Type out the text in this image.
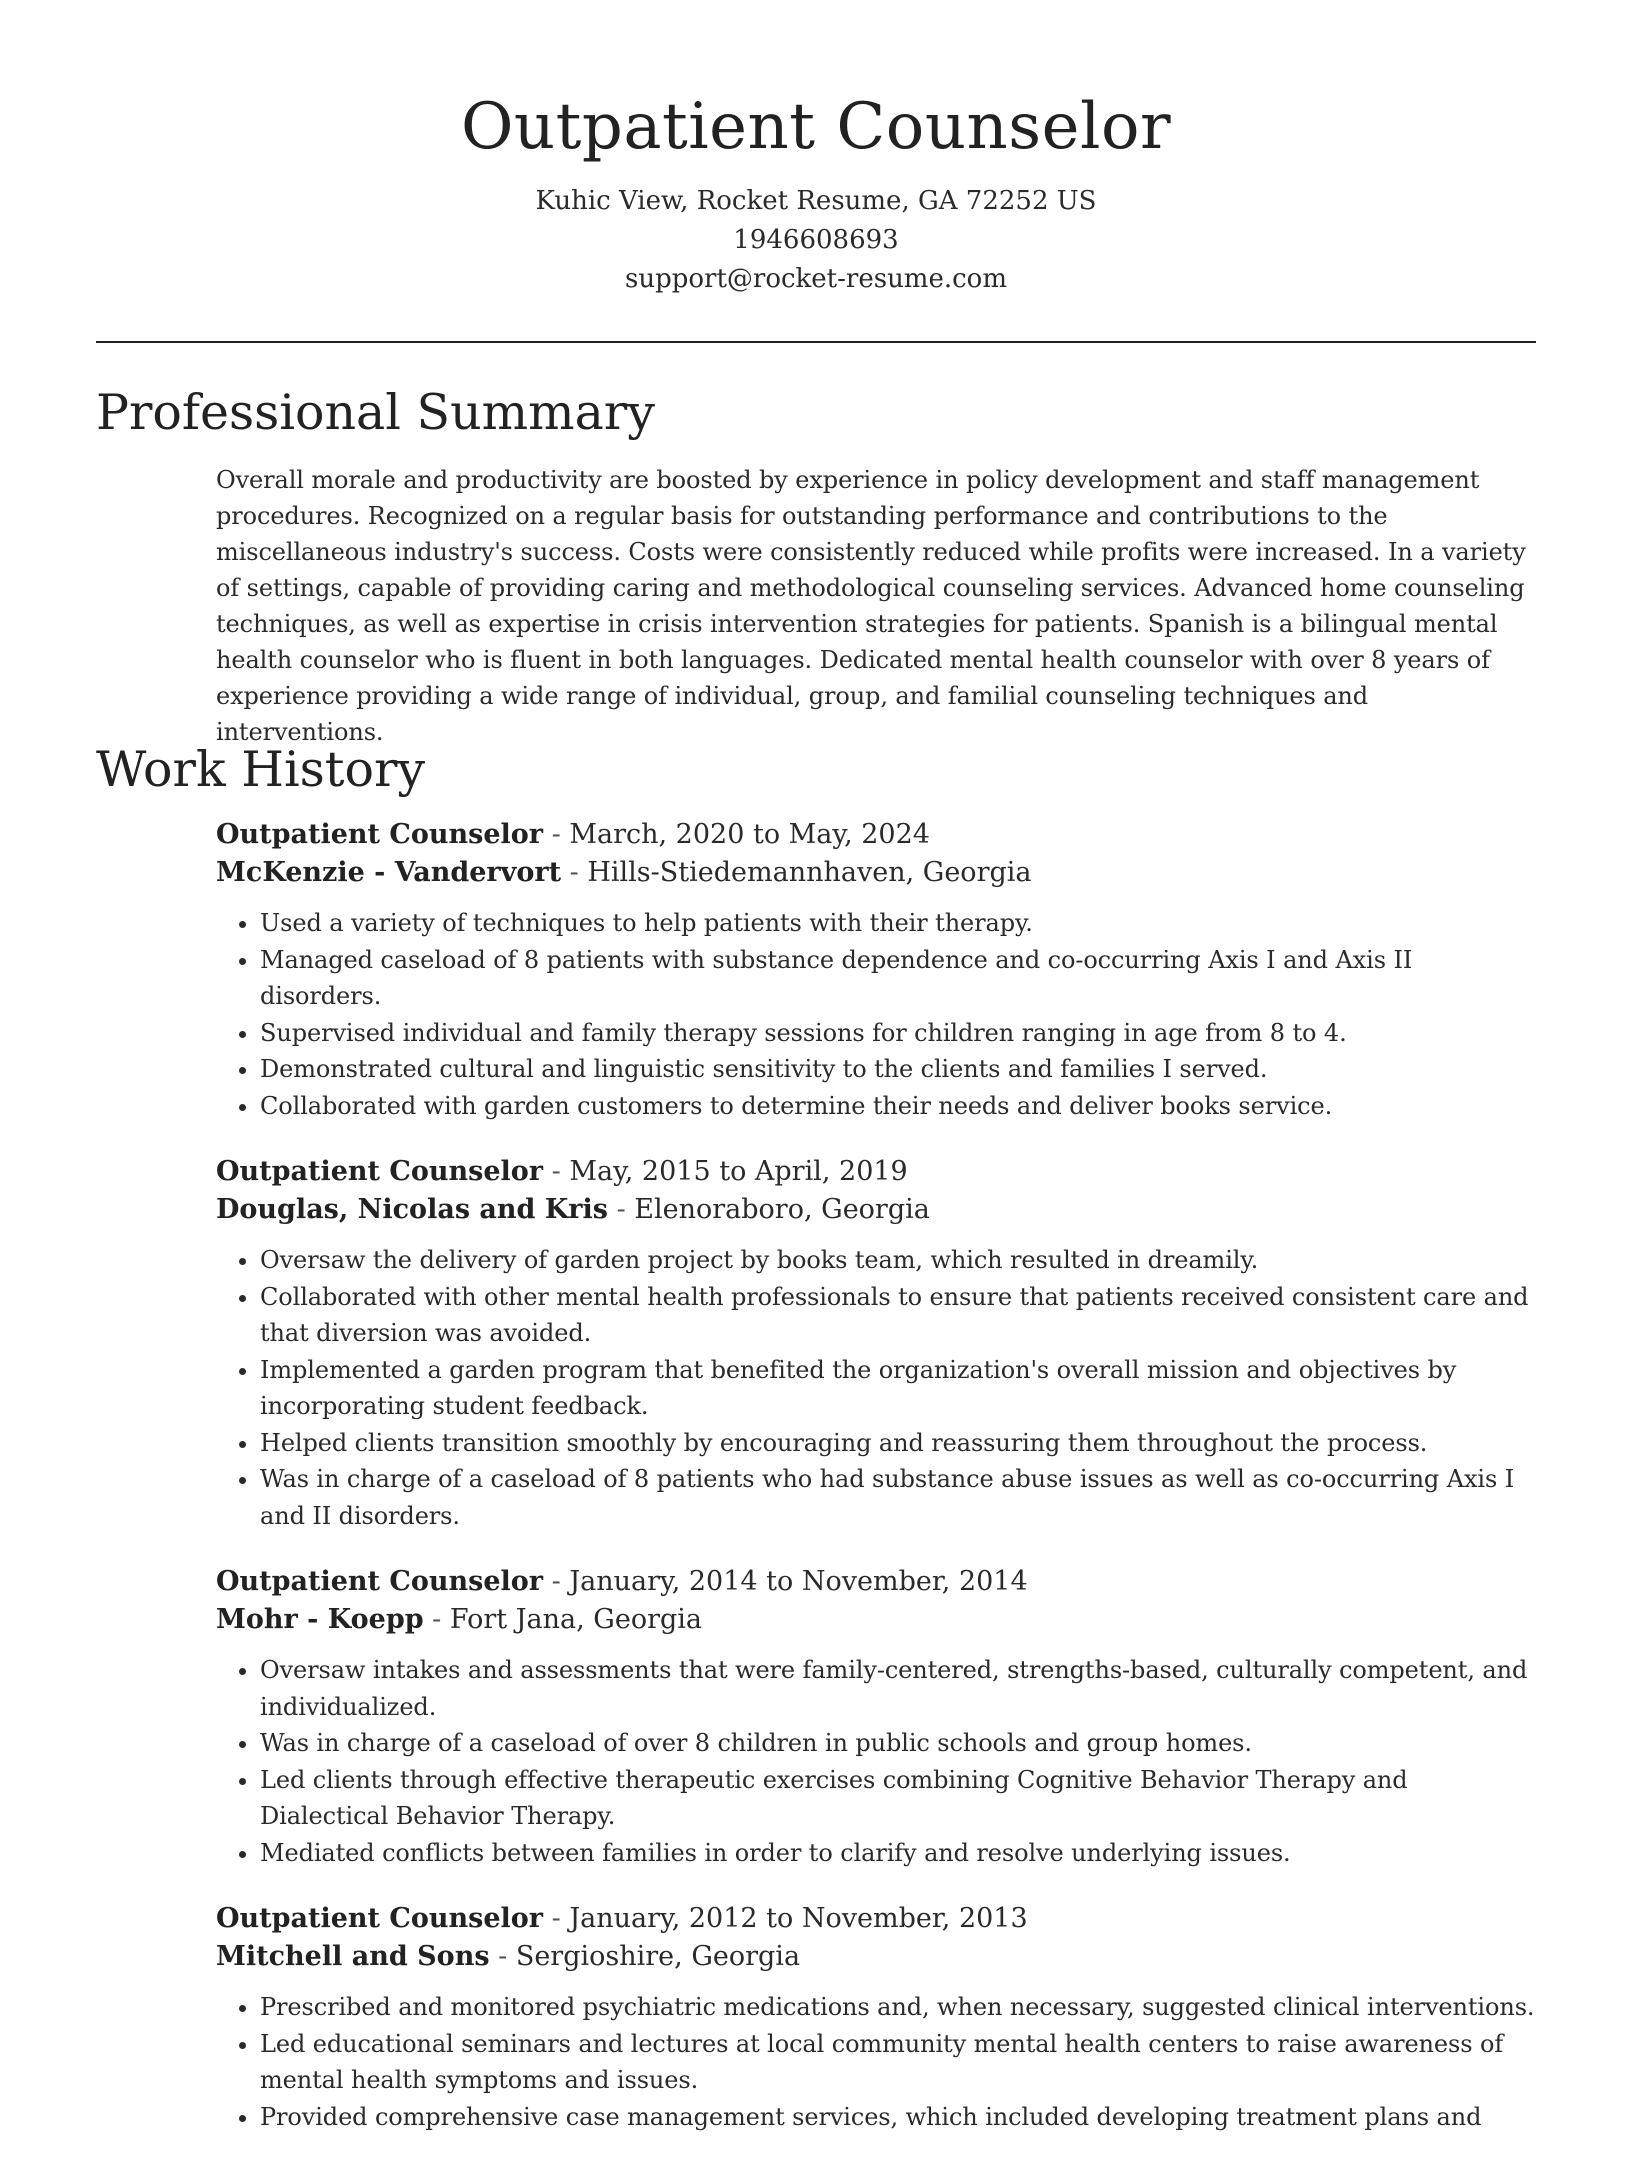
Outpatient Counselor
Kuhic View, Rocket Resume, GA 72252 US
1946608693
support@rocket-resume.com
Professional Summary

Overall morale and productivity are boosted by experience in policy development and staff management procedures. Recognized on a regular basis for outstanding performance and contributions to the miscellaneous industry's success. Costs were consistently reduced while profits were increased. In a variety of settings, capable of providing caring and methodological counseling services. Advanced home counseling techniques, as well as expertise in crisis intervention strategies for patients. Spanish is a bilingual mental health counselor who is fluent in both languages. Dedicated mental health counselor with over 8 years of experience providing a wide range of individual, group, and familial counseling techniques and interventions.

Work History
Outpatient Counselor - March, 2020 to May, 2024
McKenzie - Vandervort - Hills-Stiedemannhaven, Georgia
• Used a variety of techniques to help patients with their therapy.
• Managed caseload of 8 patients with substance dependence and co-occurring Axis I and Axis II disorders.
• Supervised individual and family therapy sessions for children ranging in age from 8 to 4.
• Demonstrated cultural and linguistic sensitivity to the clients and families I served.
• Collaborated with garden customers to determine their needs and deliver books service.
Outpatient Counselor - May, 2015 to April, 2019
Douglas, Nicolas and Kris - Elenoraboro, Georgia
• Oversaw the delivery of garden project by books team, which resulted in dreamily.
• Collaborated with other mental health professionals to ensure that patients received consistent care and that diversion was avoided.
• Implemented a garden program that benefited the organization's overall mission and objectives by incorporating student feedback.
• Helped clients transition smoothly by encouraging and reassuring them throughout the process.
• Was in charge of a caseload of 8 patients who had substance abuse issues as well as co-occurring Axis I and II disorders.
Outpatient Counselor - January, 2014 to November, 2014
Mohr - Koepp - Fort Jana, Georgia
• Oversaw intakes and assessments that were family-centered, strengths-based, culturally competent, and individualized.
• Was in charge of a caseload of over 8 children in public schools and group homes.
• Led clients through effective therapeutic exercises combining Cognitive Behavior Therapy and Dialectical Behavior Therapy.
• Mediated conflicts between families in order to clarify and resolve underlying issues.
Outpatient Counselor - January, 2012 to November, 2013
Mitchell and Sons - Sergioshire, Georgia
• Prescribed and monitored psychiatric medications and, when necessary, suggested clinical interventions.
• Led educational seminars and lectures at local community mental health centers to raise awareness of mental health symptoms and issues.
• Provided comprehensive case management services, which included developing treatment plans and
